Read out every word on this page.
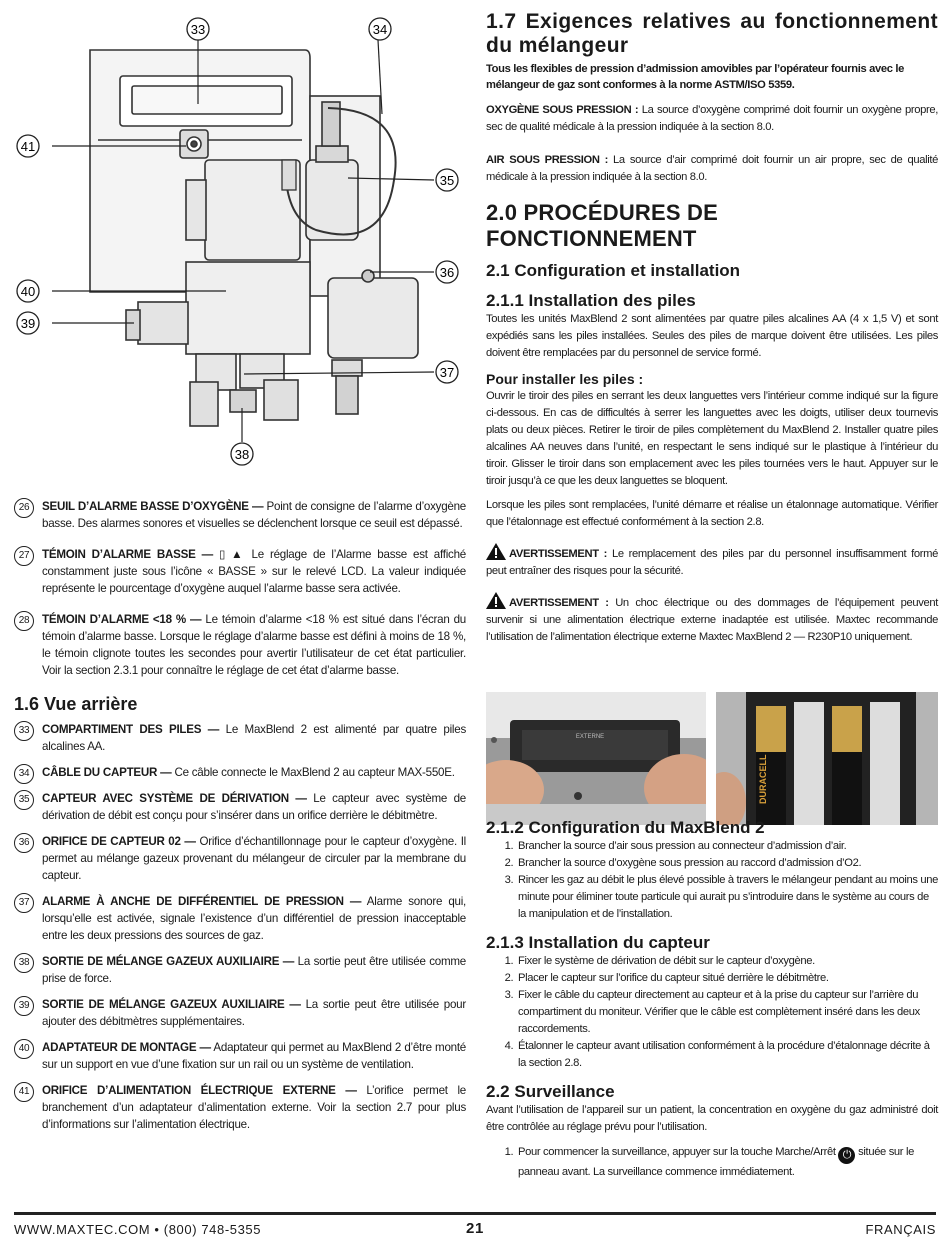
33	34
35
36
37
38
39
40
41
26	SEUIL D’ALARME BASSE D’OXYGÈNE — Point de consigne de l’alarme d’oxygène basse. Des alarmes sonores et visuelles se déclenchent lorsque ce seuil est dépassé.
27	TÉMOIN D’ALARME BASSE — ▯ ▲ Le réglage de l’Alarme basse est affiché constamment juste sous l’icône « BASSE » sur le relevé LCD. La valeur indiquée représente le pourcentage d’oxygène auquel l’alarme basse sera activée.
28	TÉMOIN D’ALARME <18 % — Le témoin d’alarme <18 % est situé dans l’écran du témoin d’alarme basse. Lorsque le réglage d’alarme basse est défini à moins de 18 %, le témoin clignote toutes les secondes pour avertir l’utilisateur de cet état particulier. Voir la section 2.3.1 pour connaître le réglage de cet état d’alarme basse.
1.6 Vue arrière
33	COMPARTIMENT DES PILES — Le MaxBlend 2 est alimenté par quatre piles alcalines AA.
34	CÂBLE DU CAPTEUR — Ce câble connecte le MaxBlend 2 au capteur MAX-550E.
35	CAPTEUR AVEC SYSTÈME DE DÉRIVATION — Le capteur avec système de dérivation de débit est conçu pour s’insérer dans un orifice derrière le débitmètre.
36	ORIFICE DE CAPTEUR 02 — Orifice d’échantillonnage pour le capteur d’oxygène. Il permet au mélange gazeux provenant du mélangeur de circuler par la membrane du capteur.
37	ALARME À ANCHE DE DIFFÉRENTIEL DE PRESSION — Alarme sonore qui, lorsqu’elle est activée, signale l’existence d’un différentiel de pression inacceptable entre les deux pressions des sources de gaz.
38	SORTIE DE MÉLANGE GAZEUX AUXILIAIRE — La sortie peut être utilisée comme prise de force.
39	SORTIE DE MÉLANGE GAZEUX AUXILIAIRE — La sortie peut être utilisée pour ajouter des débitmètres supplémentaires.
40	ADAPTATEUR DE MONTAGE — Adaptateur qui permet au MaxBlend 2 d’être monté sur un support en vue d’une fixation sur un rail ou un système de ventilation.
41	ORIFICE D’ALIMENTATION ÉLECTRIQUE EXTERNE — L’orifice permet le branchement d’un adaptateur d’alimentation externe. Voir la section 2.7 pour plus d’informations sur l’alimentation électrique.
1.7 Exigences relatives au fonctionnement du mélangeur
Tous les flexibles de pression d’admission amovibles par l’opérateur fournis avec le mélangeur de gaz sont conformes à la norme ASTM/ISO 5359.
OXYGÈNE SOUS PRESSION : La source d’oxygène comprimé doit fournir un oxygène propre, sec de qualité médicale à la pression indiquée à la section 8.0.
AIR SOUS PRESSION : La source d’air comprimé doit fournir un air propre, sec de qualité médicale à la pression indiquée à la section 8.0.
2.0 PROCÉDURES DE FONCTIONNEMENT
2.1 Configuration et installation
2.1.1 Installation des piles
Toutes les unités MaxBlend 2 sont alimentées par quatre piles alcalines AA (4 x 1,5 V) et sont expédiés sans les piles installées. Seules des piles de marque doivent être utilisées. Les piles doivent être remplacées par du personnel de service formé.
Pour installer les piles :
Ouvrir le tiroir des piles en serrant les deux languettes vers l’intérieur comme indiqué sur la figure ci-dessous. En cas de difficultés à serrer les languettes avec les doigts, utiliser deux tournevis plats ou deux pièces. Retirer le tiroir de piles complètement du MaxBlend 2. Installer quatre piles alcalines AA neuves dans l’unité, en respectant le sens indiqué sur le plastique à l’intérieur du tiroir. Glisser le tiroir dans son emplacement avec les piles tournées vers le haut. Appuyer sur le tiroir jusqu’à ce que les deux languettes se bloquent.
Lorsque les piles sont remplacées, l’unité démarre et réalise un étalonnage automatique. Vérifier que l’étalonnage est effectué conformément à la section 2.8.
AVERTISSEMENT : Le remplacement des piles par du personnel insuffisamment formé peut entraîner des risques pour la sécurité.
AVERTISSEMENT : Un choc électrique ou des dommages de l’équipement peuvent survenir si une alimentation électrique externe inadaptée est utilisée. Maxtec recommande l’utilisation de l’alimentation électrique externe Maxtec MaxBlend 2 — R230P10 uniquement.
EXTERNE
DURACELL
2.1.2 Configuration du MaxBlend 2
1. Brancher la source d’air sous pression au connecteur d’admission d’air.
2. Brancher la source d’oxygène sous pression au raccord d’admission d’O2.
3. Rincer les gaz au débit le plus élevé possible à travers le mélangeur pendant au moins une minute pour éliminer toute particule qui aurait pu s’introduire dans le système au cours de la manipulation et de l’installation.
2.1.3 Installation du capteur
1. Fixer le système de dérivation de débit sur le capteur d’oxygène.
2. Placer le capteur sur l’orifice du capteur situé derrière le débitmètre.
3. Fixer le câble du capteur directement au capteur et à la prise du capteur sur l’arrière du compartiment du moniteur. Vérifier que le câble est complètement inséré dans les deux raccordements.
4. Étalonner le capteur avant utilisation conformément à la procédure d’étalonnage décrite à la section 2.8.
2.2 Surveillance
Avant l’utilisation de l’appareil sur un patient, la concentration en oxygène du gaz administré doit être contrôlée au réglage prévu pour l’utilisation.
1. Pour commencer la surveillance, appuyer sur la touche Marche/Arrêt ⏻ située sur le panneau avant. La surveillance commence immédiatement.
WWW.MAXTEC.COM • (800) 748-5355	21	FRANÇAIS
